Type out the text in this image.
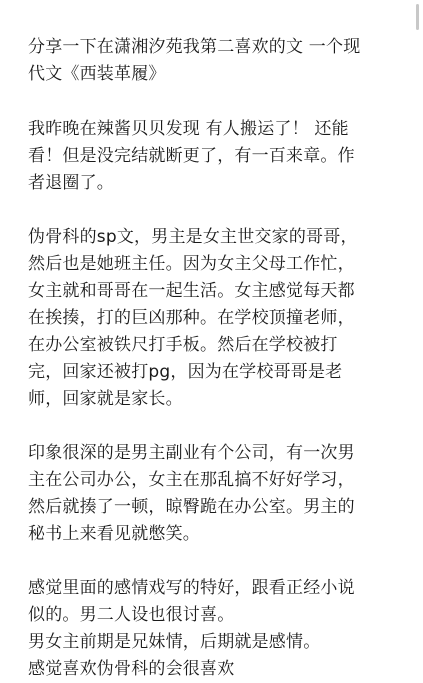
分享一下在潇湘汐苑我第二喜欢的文 一个现
代文《西装革履》

我昨晚在辣酱贝贝发现 有人搬运了！ 还能
看！但是没完结就断更了，有一百来章。作
者退圈了。

伪骨科的sp文，男主是女主世交家的哥哥，
然后也是她班主任。因为女主父母工作忙，
女主就和哥哥在一起生活。女主感觉每天都
在挨揍，打的巨凶那种。在学校顶撞老师，
在办公室被铁尺打手板。然后在学校被打
完，回家还被打pg，因为在学校哥哥是老
师，回家就是家长。

印象很深的是男主副业有个公司，有一次男
主在公司办公，女主在那乱搞不好好学习，
然后就揍了一顿，晾臀跪在办公室。男主的
秘书上来看见就憋笑。

感觉里面的感情戏写的特好，跟看正经小说
似的。男二人设也很讨喜。
男女主前期是兄妹情，后期就是感情。
感觉喜欢伪骨科的会很喜欢
